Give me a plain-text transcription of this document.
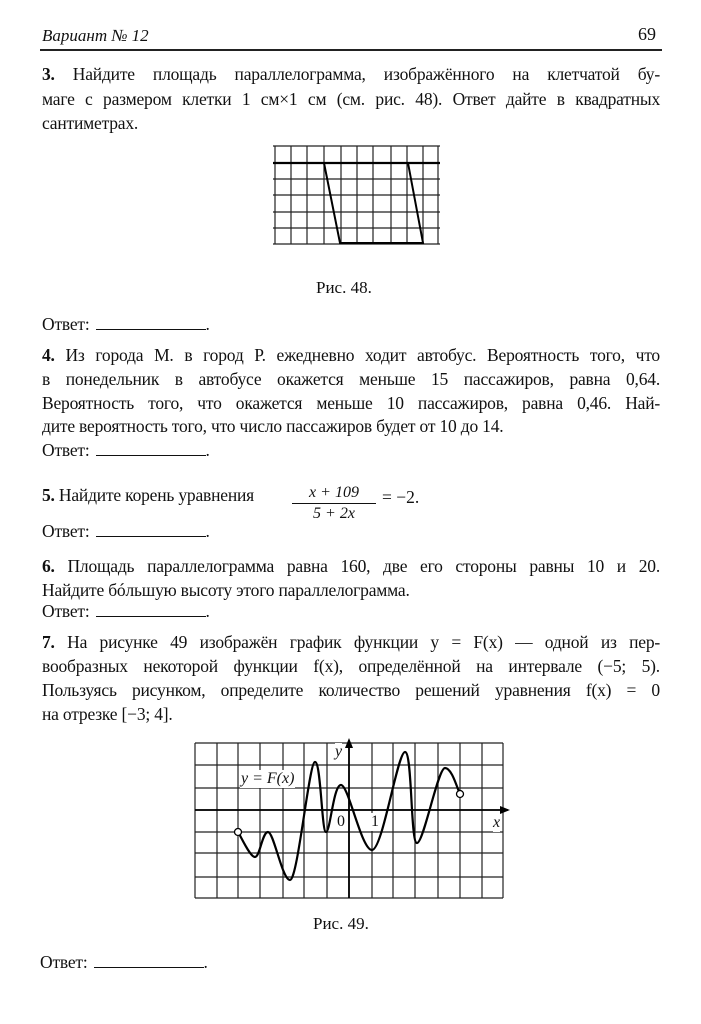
Вариант № 12	69
3. Найдите площадь параллелограмма, изображённого на клетчатой бу-
маге с размером клетки 1 см×1 см (см. рис. 48). Ответ дайте в квадратных
сантиметрах.
Рис. 48.
Ответ:	.
4. Из города М. в город Р. ежедневно ходит автобус. Вероятность того, что
в понедельник в автобусе окажется меньше 15 пассажиров, равна 0,64.
Вероятность того, что окажется меньше 10 пассажиров, равна 0,46. Най-
дите вероятность того, что число пассажиров будет от 10 до 14.
Ответ:	.
5. Найдите корень уравнения	$\frac{x + 109}{5 + 2x} = -2$.
Ответ:	.
6. Площадь параллелограмма равна 160, две его стороны равны 10 и 20.
Найдите бóльшую высоту этого параллелограмма.
Ответ:	.
7. На рисунке 49 изображён график функции y = F(x) — одной из пер-
вообразных некоторой функции f(x), определённой на интервале (−5; 5).
Пользуясь рисунком, определите количество решений уравнения f(x) = 0
на отрезке [−3; 4].
y = F(x)
y
x
0 1
Рис. 49.
Ответ:	.
